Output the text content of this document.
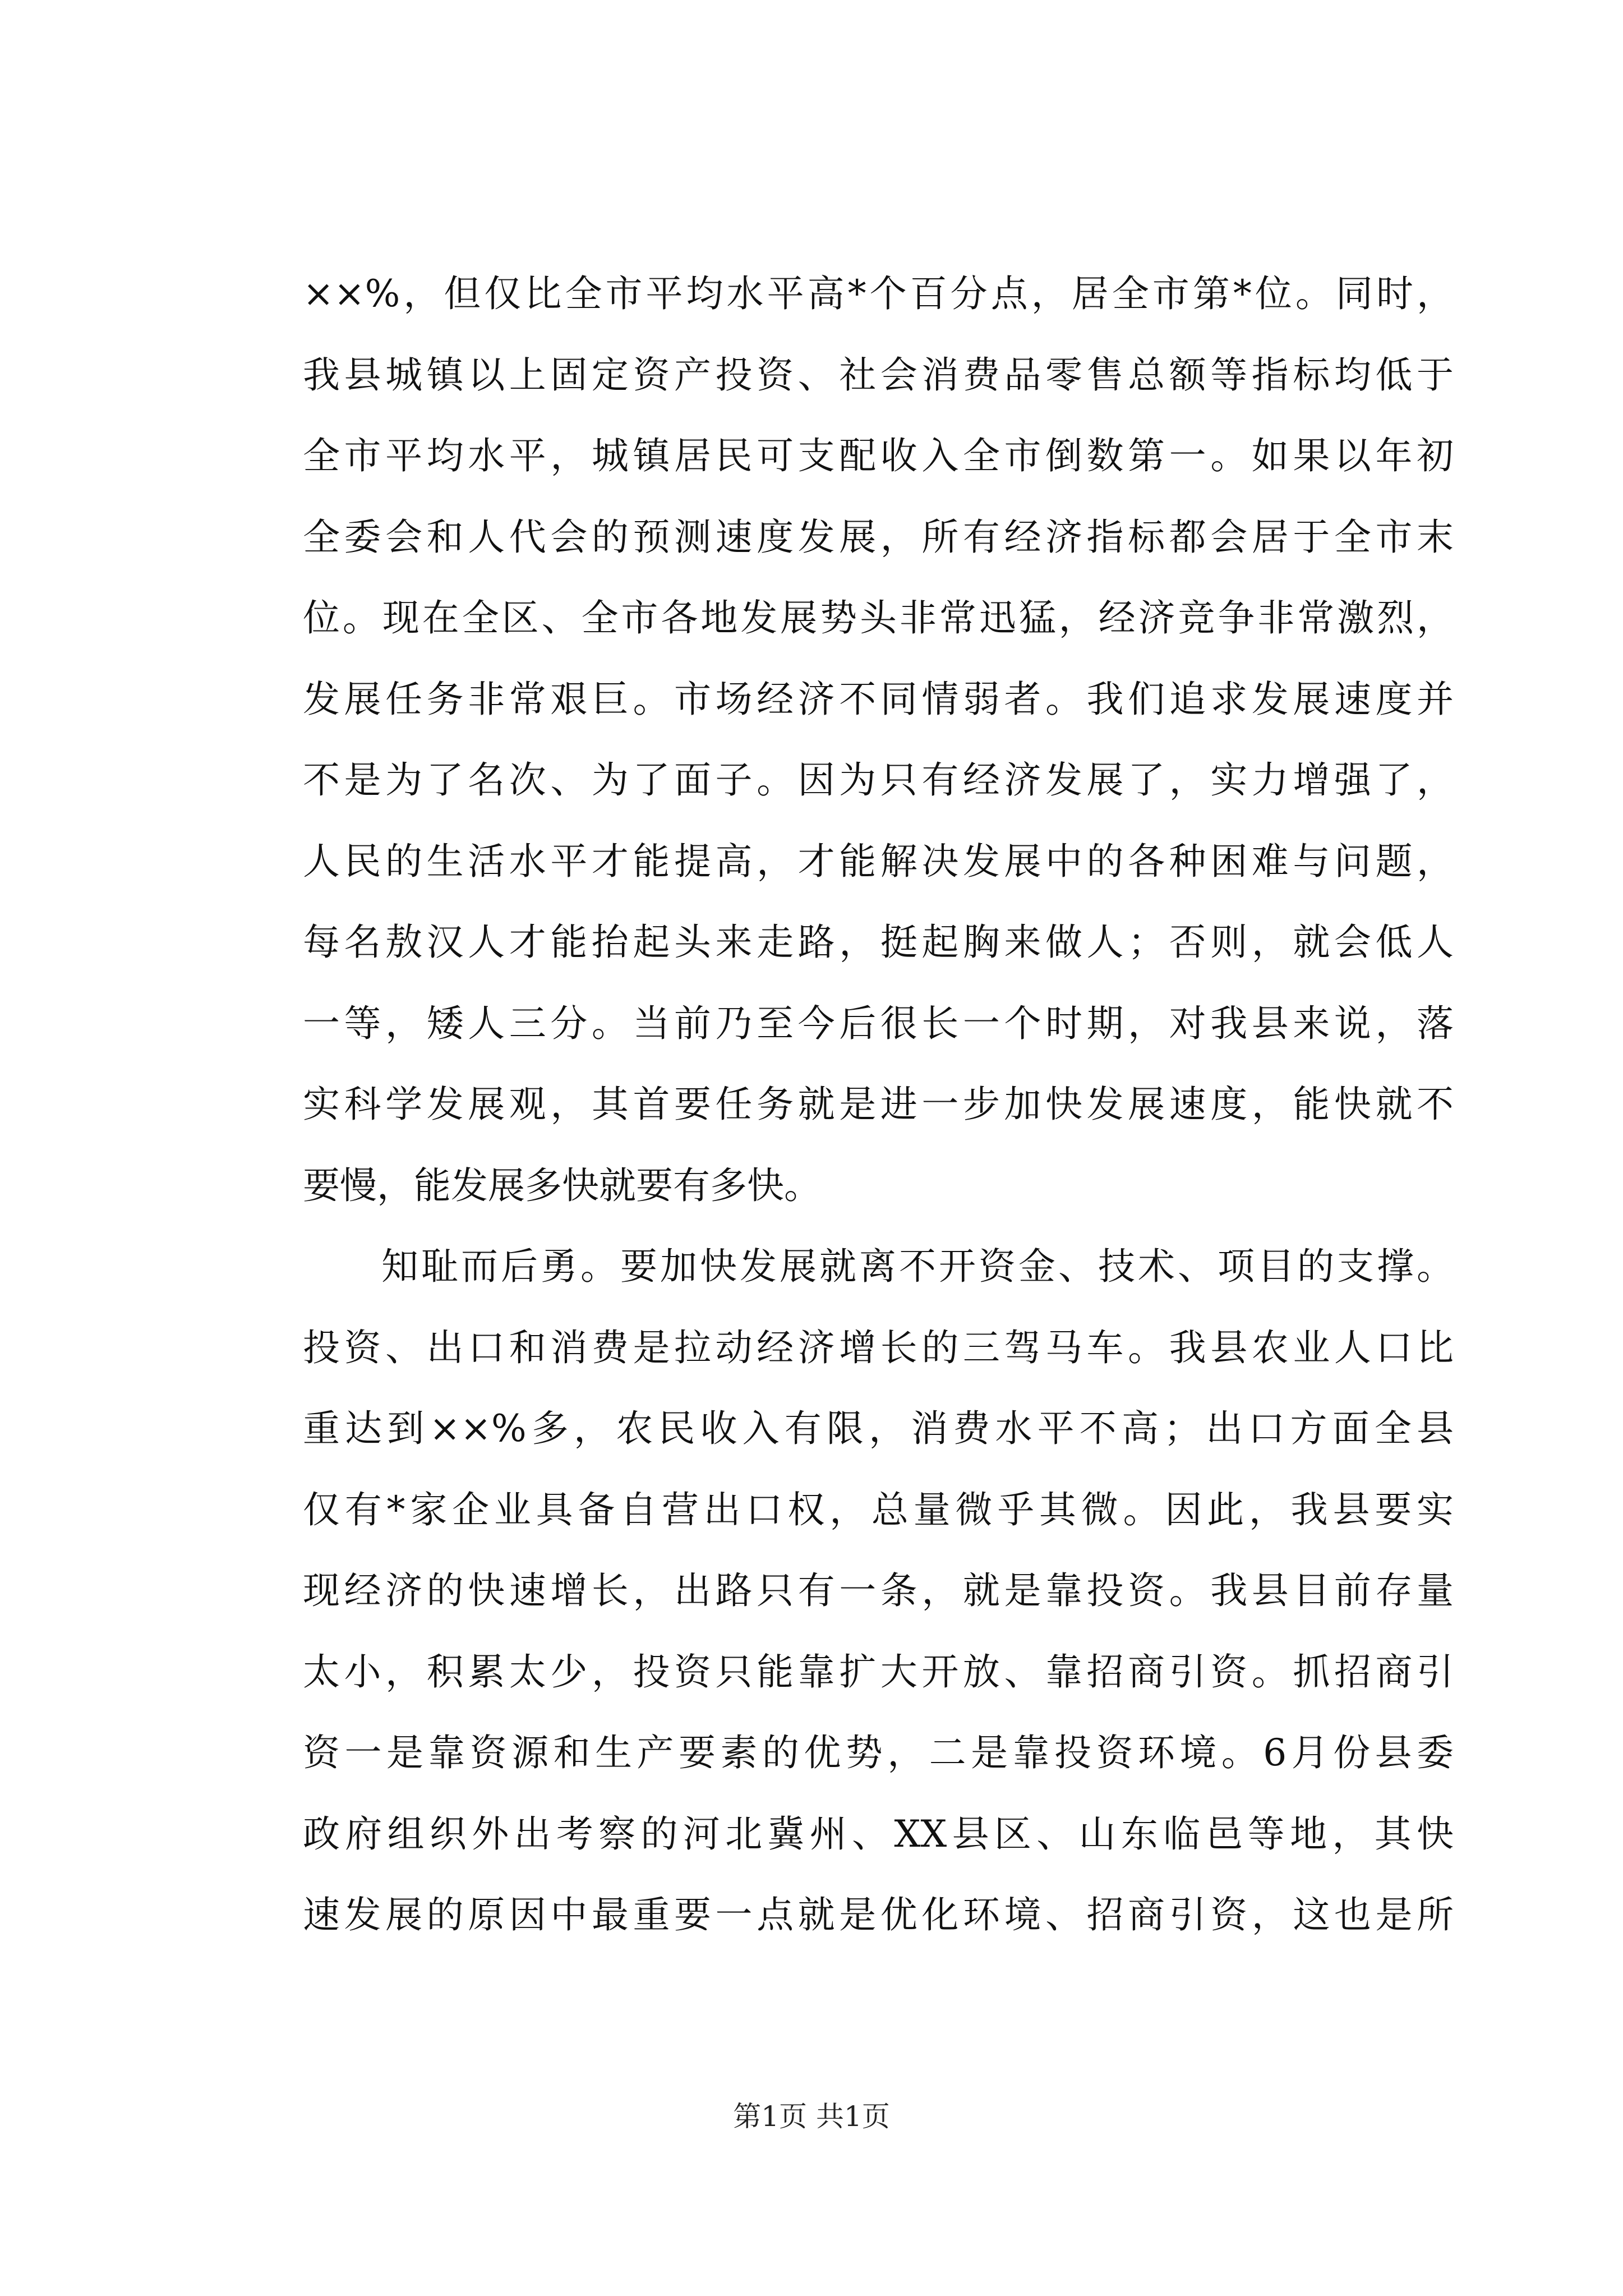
××%，但仅比全市平均水平高*个百分点，居全市第*位。同时，
我县城镇以上固定资产投资、社会消费品零售总额等指标均低于
全市平均水平，城镇居民可支配收入全市倒数第一。如果以年初
全委会和人代会的预测速度发展，所有经济指标都会居于全市末
位。现在全区、全市各地发展势头非常迅猛，经济竞争非常激烈，
发展任务非常艰巨。市场经济不同情弱者。我们追求发展速度并
不是为了名次、为了面子。因为只有经济发展了，实力增强了，
人民的生活水平才能提高，才能解决发展中的各种困难与问题，
每名敖汉人才能抬起头来走路，挺起胸来做人；否则，就会低人
一等，矮人三分。当前乃至今后很长一个时期，对我县来说，落
实科学发展观，其首要任务就是进一步加快发展速度，能快就不
要慢，能发展多快就要有多快。
知耻而后勇。要加快发展就离不开资金、技术、项目的支撑。
投资、出口和消费是拉动经济增长的三驾马车。我县农业人口比
重达到××%多，农民收入有限，消费水平不高；出口方面全县
仅有*家企业具备自营出口权，总量微乎其微。因此，我县要实
现经济的快速增长，出路只有一条，就是靠投资。我县目前存量
太小，积累太少，投资只能靠扩大开放、靠招商引资。抓招商引
资一是靠资源和生产要素的优势，二是靠投资环境。6月份县委
政府组织外出考察的河北冀州、XX县区、山东临邑等地，其快
速发展的原因中最重要一点就是优化环境、招商引资，这也是所
第1页 共1页
